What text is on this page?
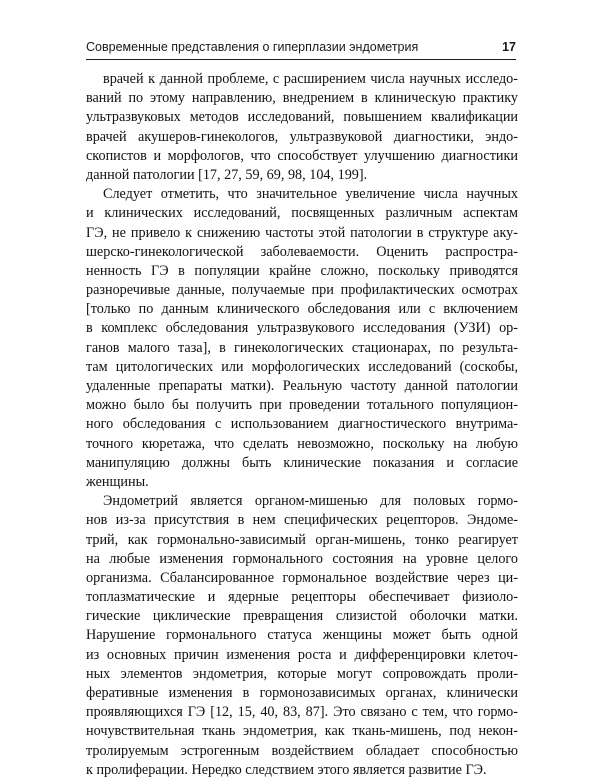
Современные представления о гиперплазии эндометрия	17
врачей к данной проблеме, с расширением числа научных исследо-
ваний по этому направлению, внедрением в клиническую практику
ультразвуковых методов исследований, повышением квалификации
врачей акушеров-гинекологов, ультразвуковой диагностики, эндо-
скопистов и морфологов, что способствует улучшению диагностики
данной патологии [17, 27, 59, 69, 98, 104, 199].
Следует отметить, что значительное увеличение числа научных
и клинических исследований, посвященных различным аспектам
ГЭ, не привело к снижению частоты этой патологии в структуре аку-
шерско-гинекологической заболеваемости. Оценить распростра-
ненность ГЭ в популяции крайне сложно, поскольку приводятся
разноречивые данные, получаемые при профилактических осмотрах
[только по данным клинического обследования или с включением
в комплекс обследования ультразвукового исследования (УЗИ) ор-
ганов малого таза], в гинекологических стационарах, по результа-
там цитологических или морфологических исследований (соскобы,
удаленные препараты матки). Реальную частоту данной патологии
можно было бы получить при проведении тотального популяцион-
ного обследования с использованием диагностического внутрима-
точного кюретажа, что сделать невозможно, поскольку на любую
манипуляцию должны быть клинические показания и согласие
женщины.
Эндометрий является органом-мишенью для половых гормо-
нов из-за присутствия в нем специфических рецепторов. Эндоме-
трий, как гормонально-зависимый орган-мишень, тонко реагирует
на любые изменения гормонального состояния на уровне целого
организма. Сбалансированное гормональное воздействие через ци-
топлазматические и ядерные рецепторы обеспечивает физиоло-
гические циклические превращения слизистой оболочки матки.
Нарушение гормонального статуса женщины может быть одной
из основных причин изменения роста и дифференцировки клеточ-
ных элементов эндометрия, которые могут сопровождать проли-
феративные изменения в гормонозависимых органах, клинически
проявляющихся ГЭ [12, 15, 40, 83, 87]. Это связано с тем, что гормо-
ночувствительная ткань эндометрия, как ткань-мишень, под некон-
тролируемым эстрогенным воздействием обладает способностью
к пролиферации. Нередко следствием этого является развитие ГЭ.
